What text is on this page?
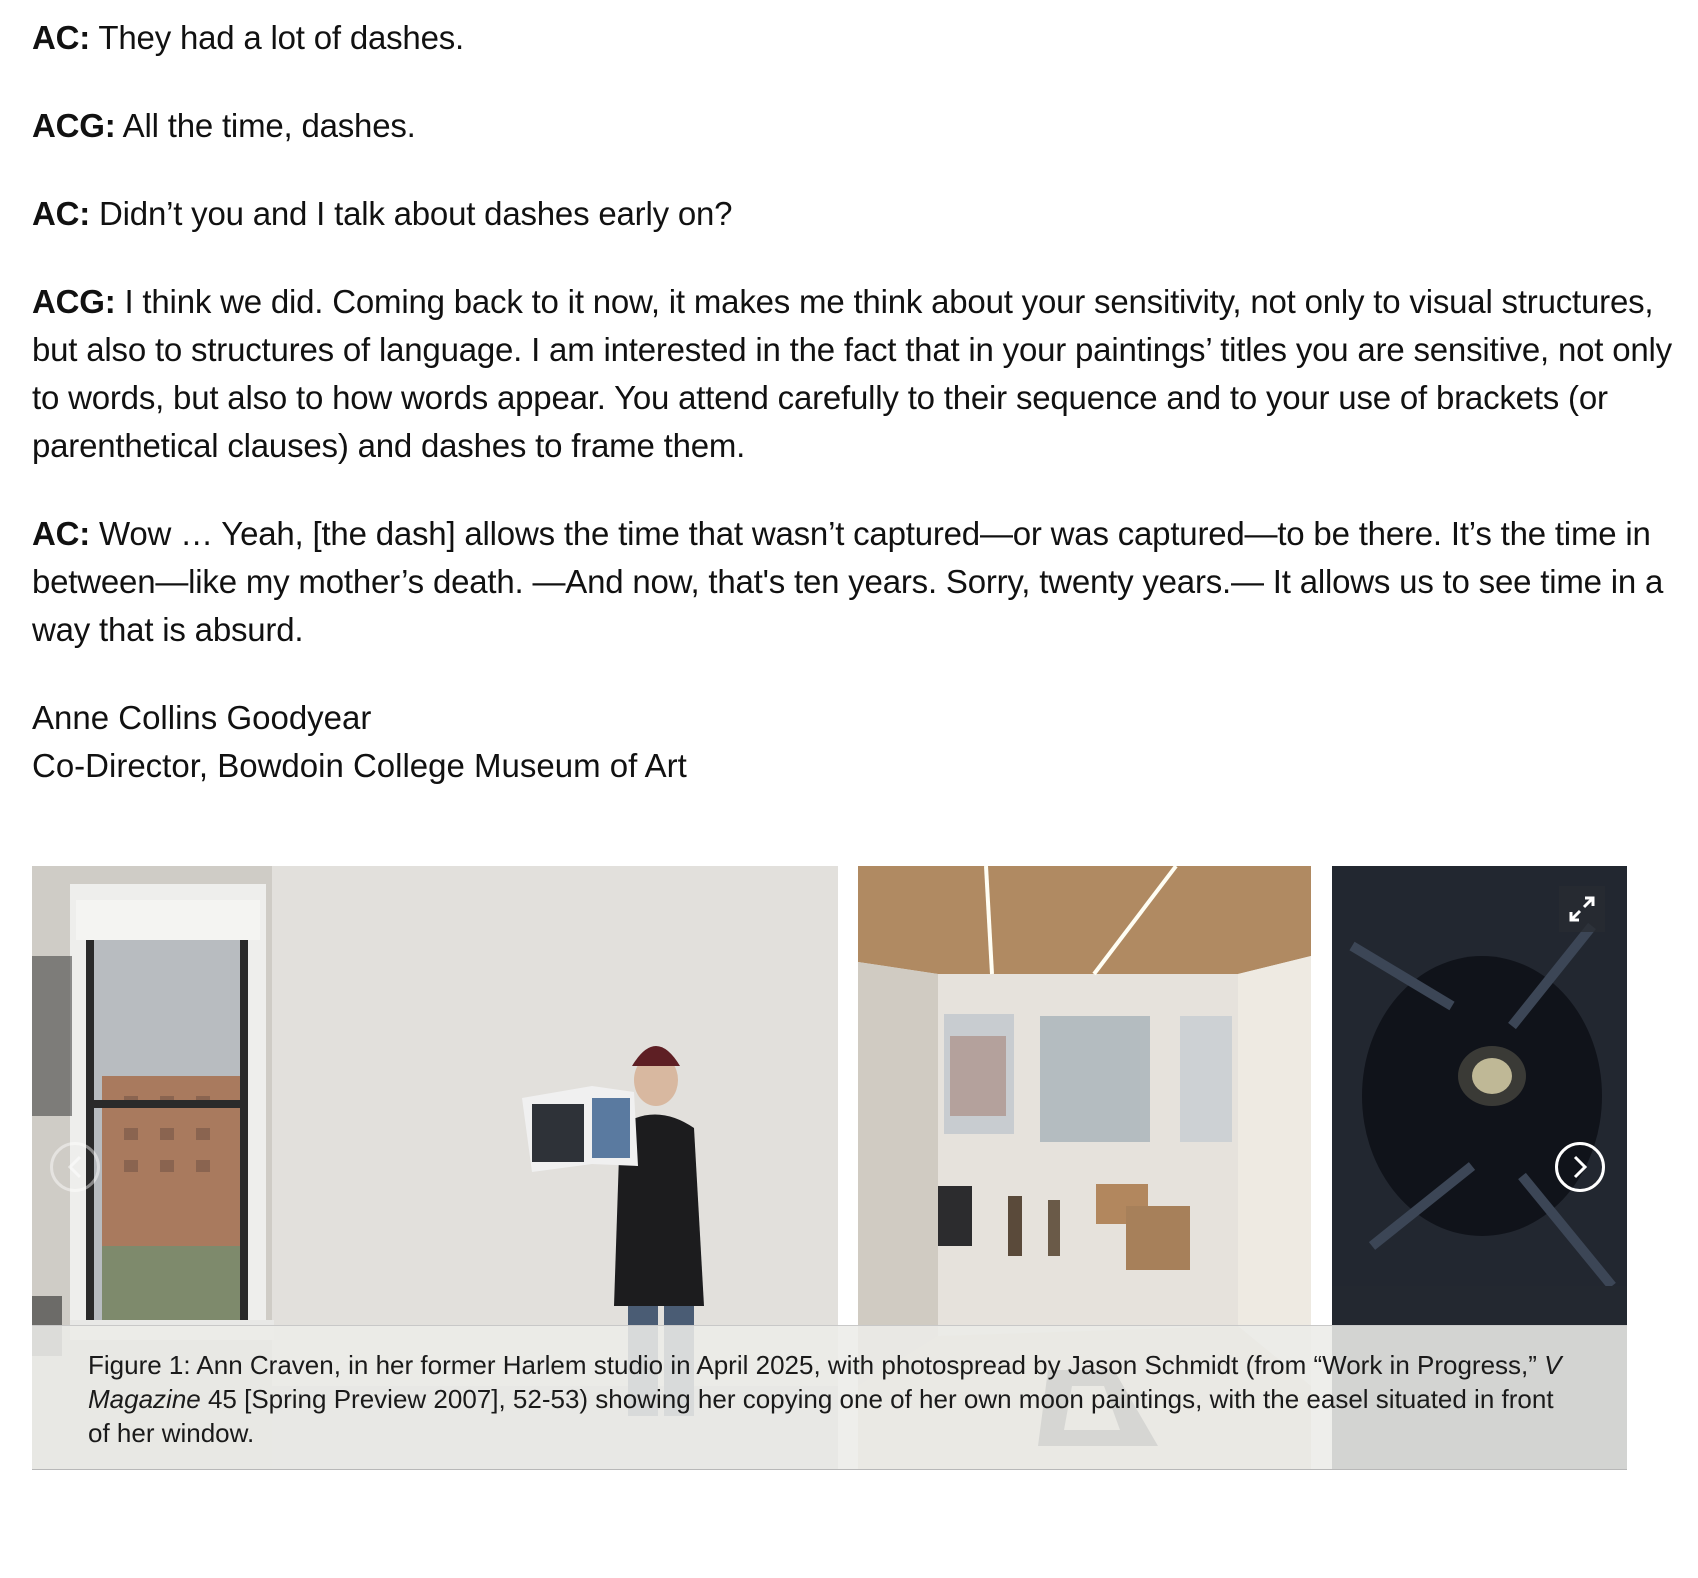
AC: They had a lot of dashes.

ACG: All the time, dashes.

AC: Didn’t you and I talk about dashes early on?

ACG: I think we did. Coming back to it now, it makes me think about your sensitivity, not only to visual structures, but also to structures of language. I am interested in the fact that in your paintings’ titles you are sensitive, not only to words, but also to how words appear. You attend carefully to their sequence and to your use of brackets (or parenthetical clauses) and dashes to frame them.

AC: Wow … Yeah, [the dash] allows the time that wasn’t captured—or was captured—to be there. It’s the time in between—like my mother’s death. —And now, that's ten years. Sorry, twenty years.— It allows us to see time in a way that is absurd.

Anne Collins Goodyear

Co-Director, Bowdoin College Museum of Art

Figure 1: Ann Craven, in her former Harlem studio in April 2025, with photospread by Jason Schmidt (from “Work in Progress,” V Magazine 45 [Spring Preview 2007], 52-53) showing her copying one of her own moon paintings, with the easel situated in front of her window.
